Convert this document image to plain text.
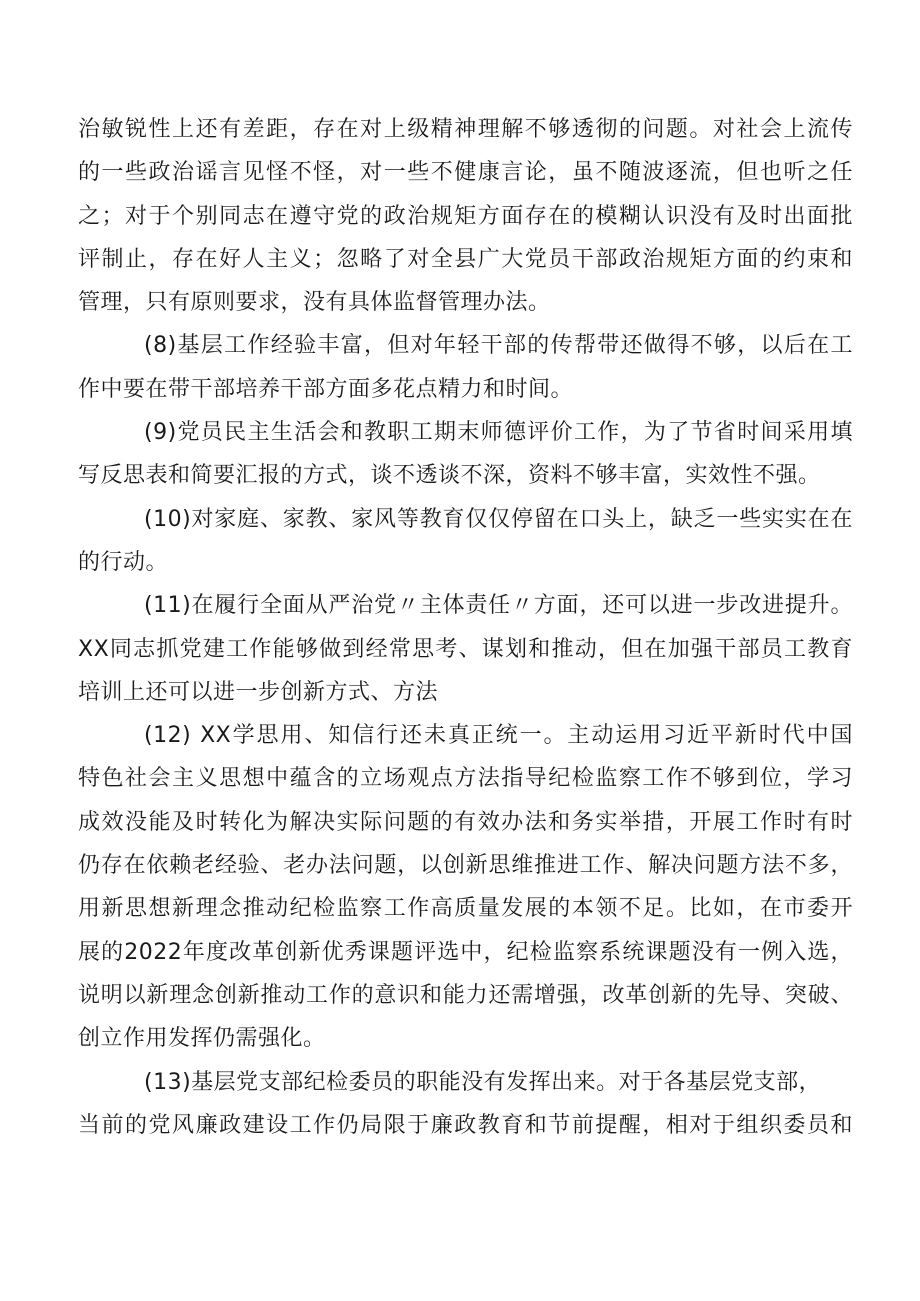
治敏锐性上还有差距，存在对上级精神理解不够透彻的问题。对社会上流传
的一些政治谣言见怪不怪，对一些不健康言论，虽不随波逐流，但也听之任
之；对于个别同志在遵守党的政治规矩方面存在的模糊认识没有及时出面批
评制止，存在好人主义；忽略了对全县广大党员干部政治规矩方面的约束和
管理，只有原则要求，没有具体监督管理办法。
(8)基层工作经验丰富，但对年轻干部的传帮带还做得不够，以后在工
作中要在带干部培养干部方面多花点精力和时间。
(9)党员民主生活会和教职工期末师德评价工作，为了节省时间采用填
写反思表和简要汇报的方式，谈不透谈不深，资料不够丰富，实效性不强。
(10)对家庭、家教、家风等教育仅仅停留在口头上，缺乏一些实实在在
的行动。
(11)在履行全面从严治党〃主体责任〃方面，还可以进一步改进提升。
XX同志抓党建工作能够做到经常思考、谋划和推动，但在加强干部员工教育
培训上还可以进一步创新方式、方法
(12) XX学思用、知信行还未真正统一。主动运用习近平新时代中国
特色社会主义思想中蕴含的立场观点方法指导纪检监察工作不够到位，学习
成效没能及时转化为解决实际问题的有效办法和务实举措，开展工作时有时
仍存在依赖老经验、老办法问题，以创新思维推进工作、解决问题方法不多，
用新思想新理念推动纪检监察工作高质量发展的本领不足。比如，在市委开
展的2022年度改革创新优秀课题评选中，纪检监察系统课题没有一例入选，
说明以新理念创新推动工作的意识和能力还需增强，改革创新的先导、突破、
创立作用发挥仍需强化。
(13)基层党支部纪检委员的职能没有发挥出来。对于各基层党支部，
当前的党风廉政建设工作仍局限于廉政教育和节前提醒，相对于组织委员和
